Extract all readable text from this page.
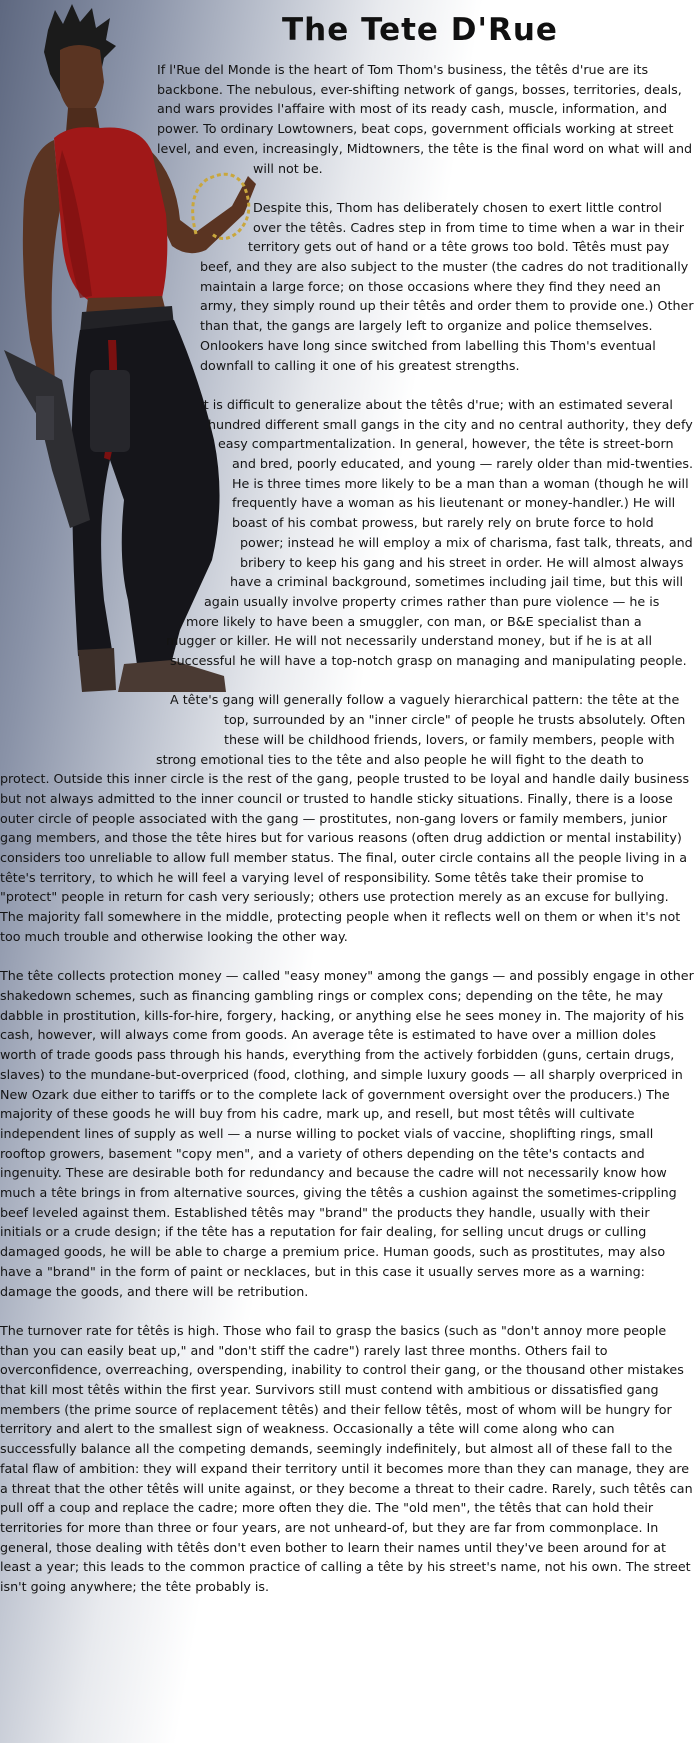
The Tete D'Rue

If l'Rue del Monde is the heart of Tom Thom's business, the têtês d'rue are its backbone. The nebulous, ever-shifting network of gangs, bosses, territories, deals, and wars provides l'affaire with most of its ready cash, muscle, information, and power. To ordinary Lowtowners, beat cops, government officials working at street level, and even, increasingly, Midtowners, the tête is the final word on what will and will not be.

Despite this, Thom has deliberately chosen to exert little control over the têtês. Cadres step in from time to time when a war in their territory gets out of hand or a tête grows too bold. Têtês must pay beef, and they are also subject to the muster (the cadres do not traditionally maintain a large force; on those occasions where they find they need an army, they simply round up their têtês and order them to provide one.) Other than that, the gangs are largely left to organize and police themselves. Onlookers have long since switched from labelling this Thom's eventual downfall to calling it one of his greatest strengths.

It is difficult to generalize about the têtês d'rue; with an estimated several hundred different small gangs in the city and no central authority, they defy easy compartmentalization. In general, however, the tête is street-born and bred, poorly educated, and young — rarely older than mid-twenties. He is three times more likely to be a man than a woman (though he will frequently have a woman as his lieutenant or money-handler.) He will boast of his combat prowess, but rarely rely on brute force to hold power; instead he will employ a mix of charisma, fast talk, threats, and bribery to keep his gang and his street in order. He will almost always have a criminal background, sometimes including jail time, but this will again usually involve property crimes rather than pure violence — he is more likely to have been a smuggler, con man, or B&E specialist than a mugger or killer. He will not necessarily understand money, but if he is at all successful he will have a top-notch grasp on managing and manipulating people.

A tête's gang will generally follow a vaguely hierarchical pattern: the tête at the top, surrounded by an "inner circle" of people he trusts absolutely. Often these will be childhood friends, lovers, or family members, people with strong emotional ties to the tête and also people he will fight to the death to protect. Outside this inner circle is the rest of the gang, people trusted to be loyal and handle daily business but not always admitted to the inner council or trusted to handle sticky situations. Finally, there is a loose outer circle of people associated with the gang — prostitutes, non-gang lovers or family members, junior gang members, and those the tête hires but for various reasons (often drug addiction or mental instability) considers too unreliable to allow full member status. The final, outer circle contains all the people living in a tête's territory, to which he will feel a varying level of responsibility. Some têtês take their promise to "protect" people in return for cash very seriously; others use protection merely as an excuse for bullying. The majority fall somewhere in the middle, protecting people when it reflects well on them or when it's not too much trouble and otherwise looking the other way.

The tête collects protection money — called "easy money" among the gangs — and possibly engage in other shakedown schemes, such as financing gambling rings or complex cons; depending on the tête, he may dabble in prostitution, kills-for-hire, forgery, hacking, or anything else he sees money in. The majority of his cash, however, will always come from goods. An average tête is estimated to have over a million doles worth of trade goods pass through his hands, everything from the actively forbidden (guns, certain drugs, slaves) to the mundane-but-overpriced (food, clothing, and simple luxury goods — all sharply overpriced in New Ozark due either to tariffs or to the complete lack of government oversight over the producers.) The majority of these goods he will buy from his cadre, mark up, and resell, but most têtês will cultivate independent lines of supply as well — a nurse willing to pocket vials of vaccine, shoplifting rings, small rooftop growers, basement "copy men", and a variety of others depending on the tête's contacts and ingenuity. These are desirable both for redundancy and because the cadre will not necessarily know how much a tête brings in from alternative sources, giving the têtês a cushion against the sometimes-crippling beef leveled against them. Established têtês may "brand" the products they handle, usually with their initials or a crude design; if the tête has a reputation for fair dealing, for selling uncut drugs or culling damaged goods, he will be able to charge a premium price. Human goods, such as prostitutes, may also have a "brand" in the form of paint or necklaces, but in this case it usually serves more as a warning: damage the goods, and there will be retribution.

The turnover rate for têtês is high. Those who fail to grasp the basics (such as "don't annoy more people than you can easily beat up," and "don't stiff the cadre") rarely last three months. Others fail to overconfidence, overreaching, overspending, inability to control their gang, or the thousand other mistakes that kill most têtês within the first year. Survivors still must contend with ambitious or dissatisfied gang members (the prime source of replacement têtês) and their fellow têtês, most of whom will be hungry for territory and alert to the smallest sign of weakness. Occasionally a tête will come along who can successfully balance all the competing demands, seemingly indefinitely, but almost all of these fall to the fatal flaw of ambition: they will expand their territory until it becomes more than they can manage, they are a threat that the other têtês will unite against, or they become a threat to their cadre. Rarely, such têtês can pull off a coup and replace the cadre; more often they die. The "old men", the têtês that can hold their territories for more than three or four years, are not unheard-of, but they are far from commonplace. In general, those dealing with têtês don't even bother to learn their names until they've been around for at least a year; this leads to the common practice of calling a tête by his street's name, not his own. The street isn't going anywhere; the tête probably is.
